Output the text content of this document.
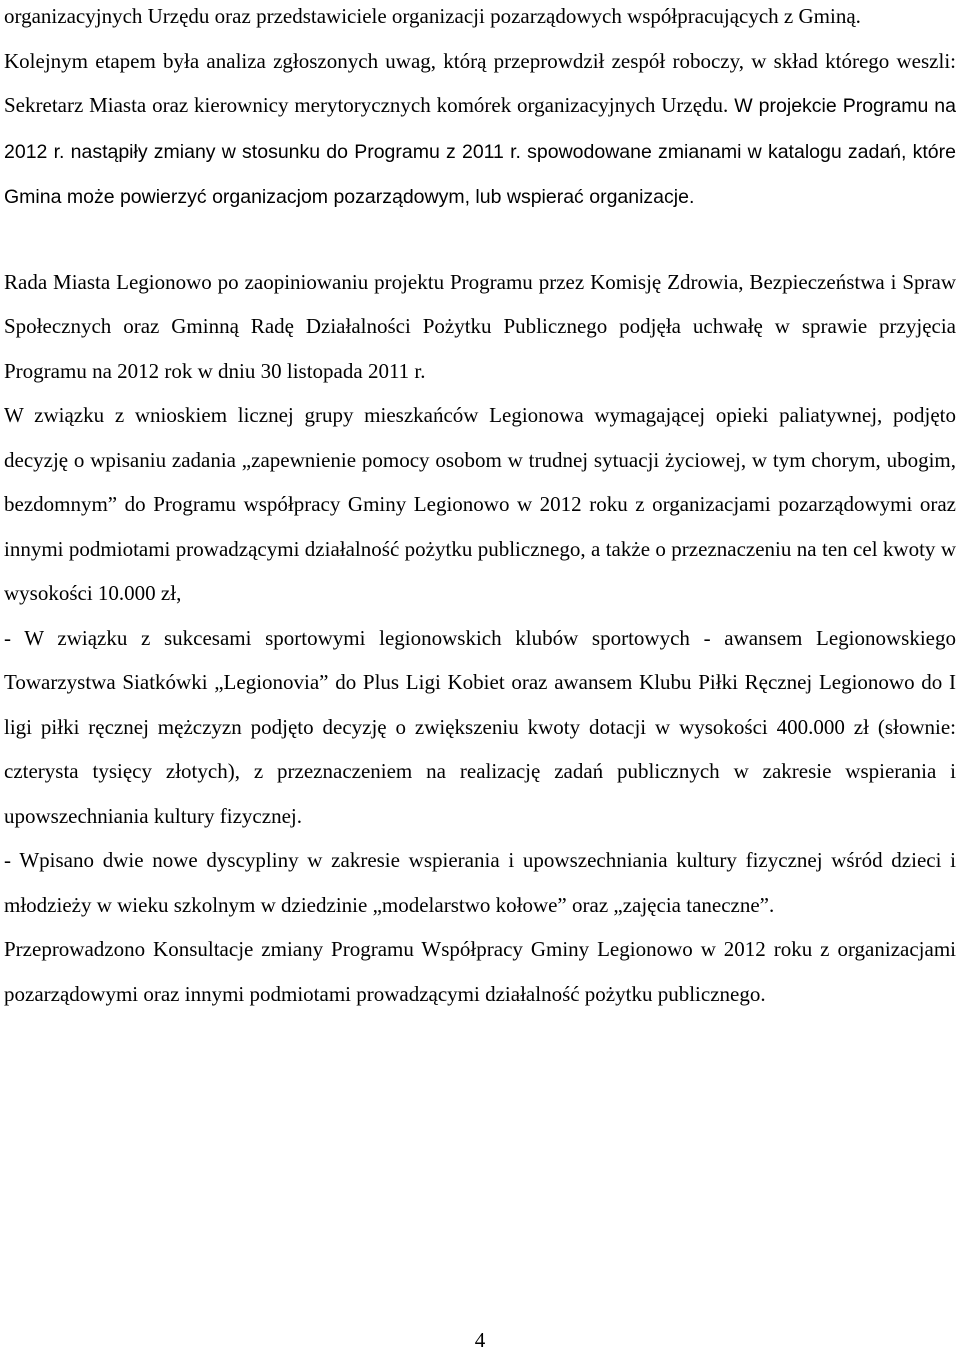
organizacyjnych Urzędu oraz przedstawiciele organizacji pozarządowych współpracujących z Gminą.

Kolejnym etapem była analiza zgłoszonych uwag, którą przeprowdził zespół roboczy, w skład którego weszli: Sekretarz Miasta oraz kierownicy merytorycznych komórek organizacyjnych Urzędu. W projekcie Programu na 2012 r. nastąpiły zmiany w stosunku do Programu z 2011 r. spowodowane zmianami w katalogu zadań, które Gmina może powierzyć organizacjom pozarządowym, lub wspierać organizacje.

Rada Miasta Legionowo po zaopiniowaniu projektu Programu przez Komisję Zdrowia, Bezpieczeństwa i Spraw Społecznych oraz Gminną Radę Działalności Pożytku Publicznego podjęła uchwałę w sprawie przyjęcia Programu na 2012 rok w dniu 30 listopada 2011 r.

W związku z wnioskiem licznej grupy mieszkańców Legionowa wymagającej opieki paliatywnej, podjęto decyzję o wpisaniu zadania „zapewnienie pomocy osobom w trudnej sytuacji życiowej, w tym chorym, ubogim, bezdomnym” do Programu współpracy Gminy Legionowo w 2012 roku z organizacjami pozarządowymi oraz innymi podmiotami prowadzącymi działalność pożytku publicznego, a także o przeznaczeniu na ten cel kwoty w wysokości 10.000 zł,

- W związku z sukcesami sportowymi legionowskich klubów sportowych - awansem Legionowskiego Towarzystwa Siatkówki „Legionovia” do Plus Ligi Kobiet oraz awansem Klubu Piłki Ręcznej Legionowo do I ligi piłki ręcznej mężczyzn podjęto decyzję o zwiększeniu kwoty dotacji w wysokości 400.000 zł (słownie: czterysta tysięcy złotych), z przeznaczeniem na realizację zadań publicznych w zakresie wspierania i upowszechniania kultury fizycznej.

- Wpisano dwie nowe dyscypliny w zakresie wspierania i upowszechniania kultury fizycznej wśród dzieci i młodzieży w wieku szkolnym w dziedzinie „modelarstwo kołowe” oraz „zajęcia taneczne”.

Przeprowadzono Konsultacje zmiany Programu Współpracy Gminy Legionowo w 2012 roku z organizacjami pozarządowymi oraz innymi podmiotami prowadzącymi działalność pożytku publicznego.

4
